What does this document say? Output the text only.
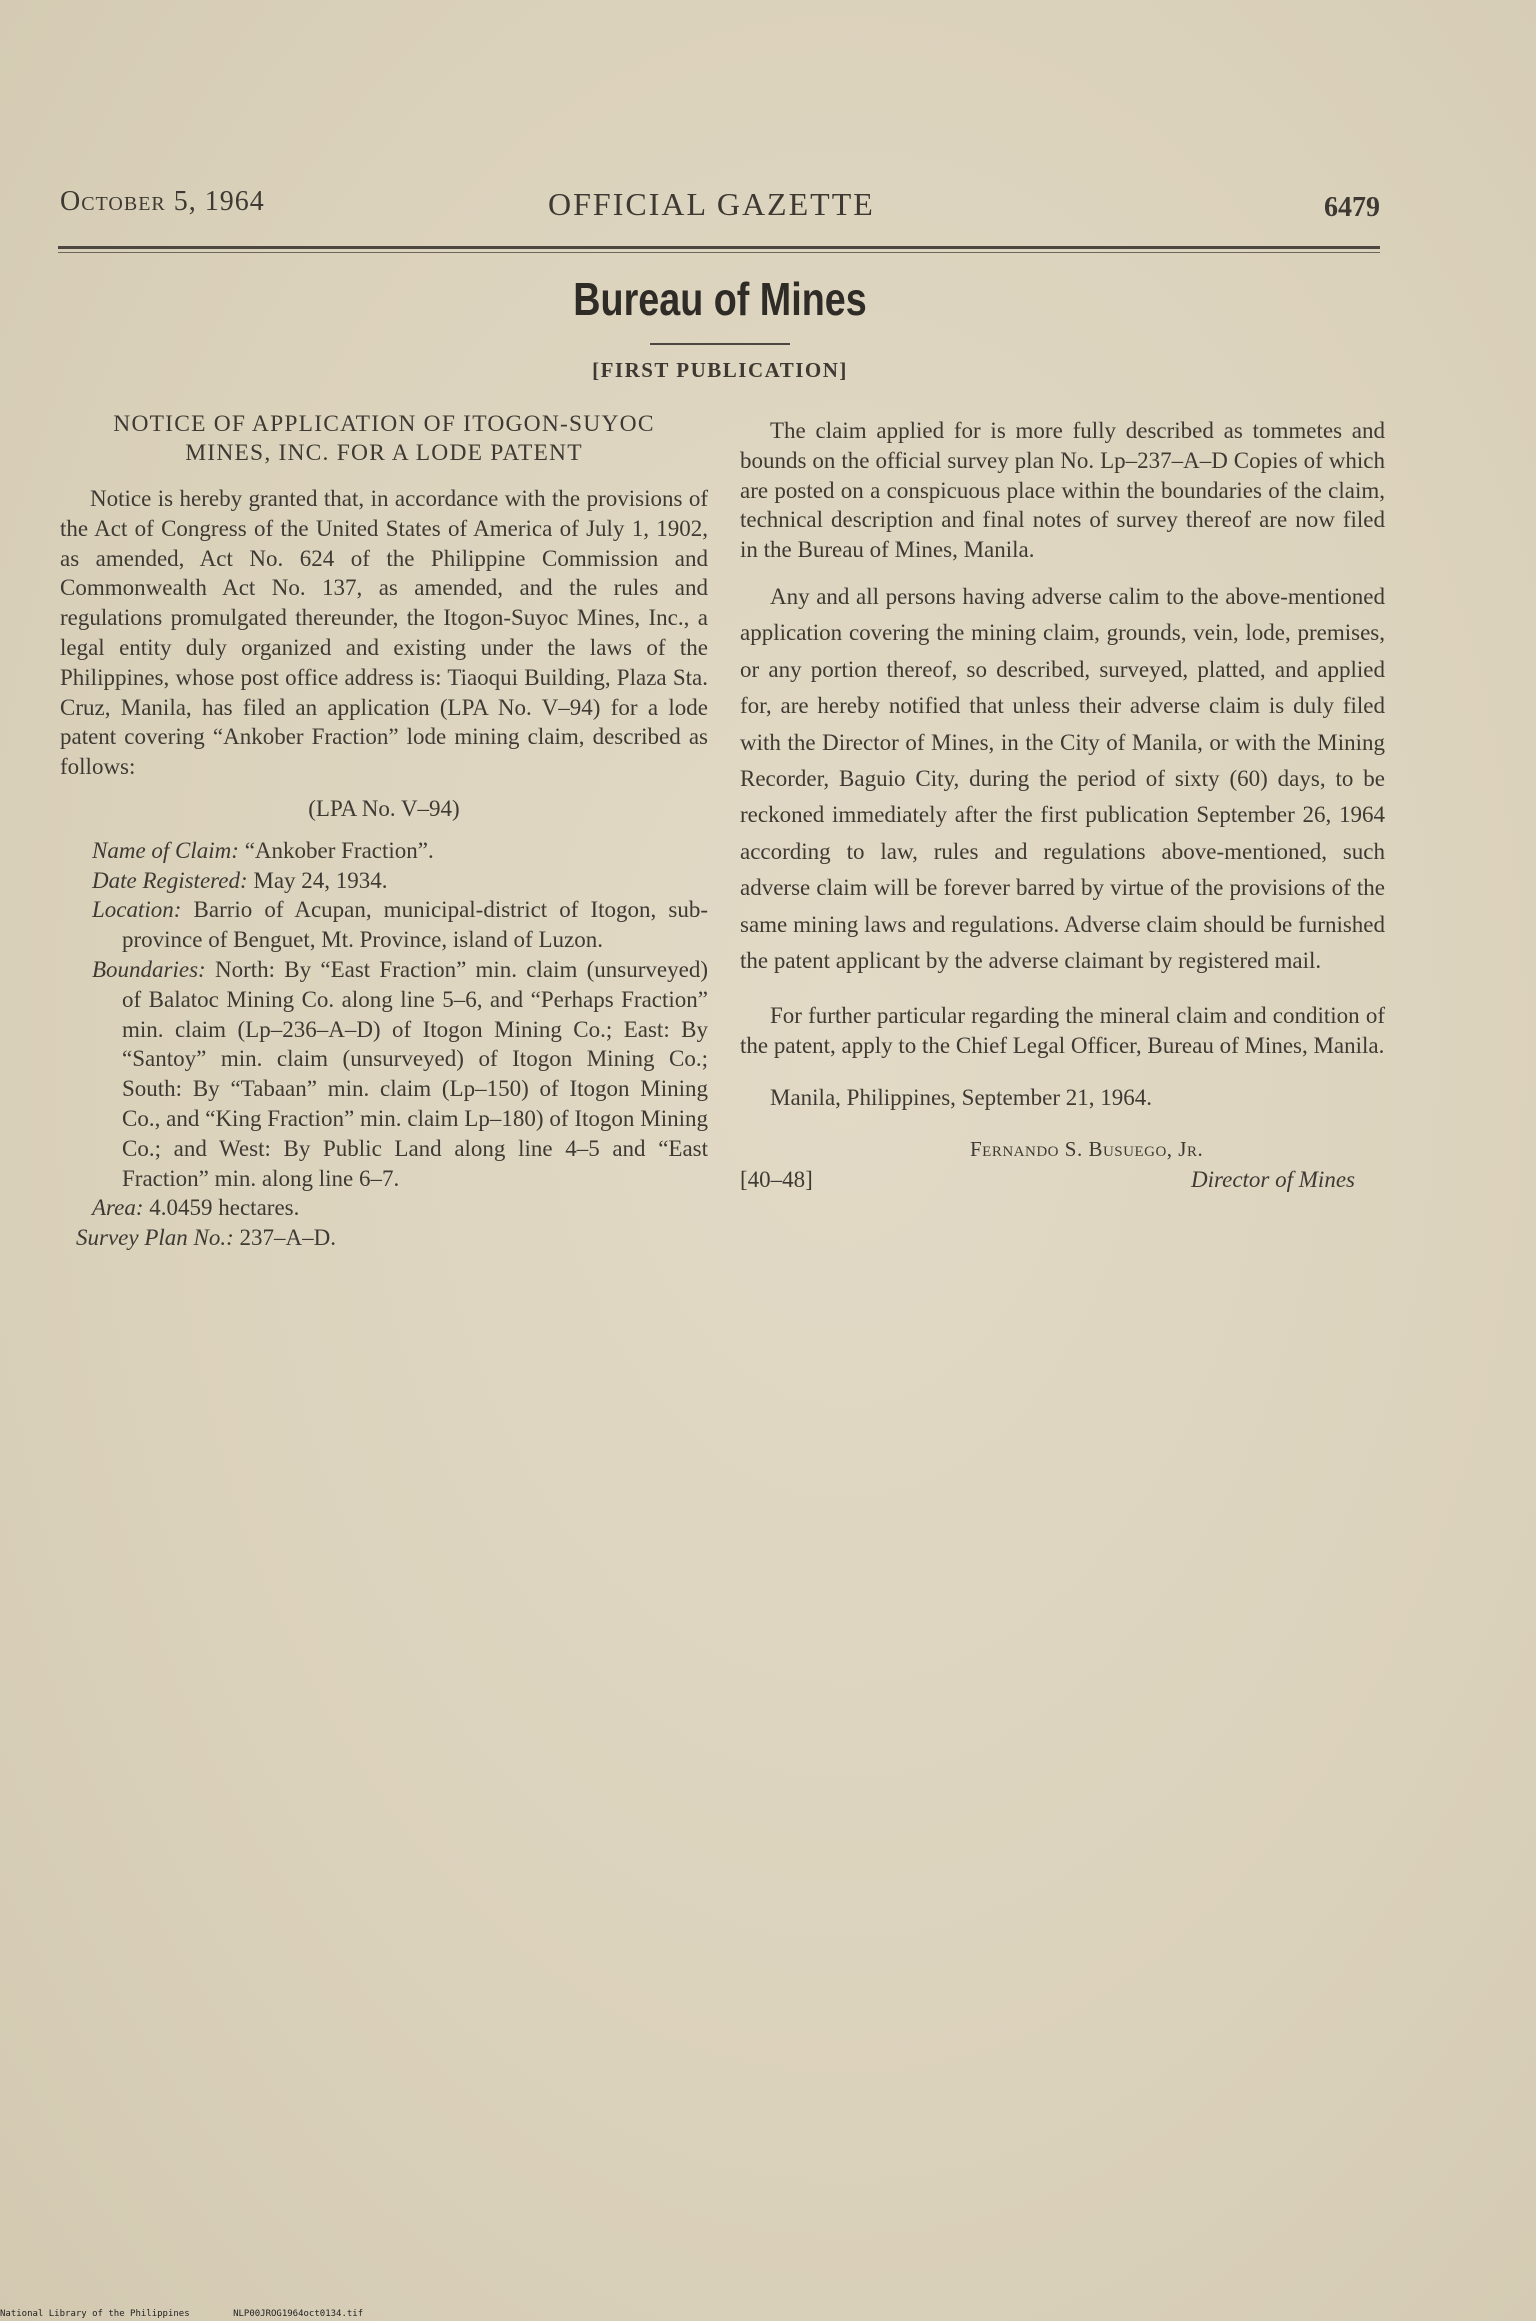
October 5, 1964	OFFICIAL GAZETTE	6479
Bureau of Mines
[FIRST PUBLICATION]
NOTICE OF APPLICATION OF ITOGON-SUYOC
MINES, INC. FOR A LODE PATENT

Notice is hereby granted that, in accordance with the provisions of the Act of Congress of the United States of America of July 1, 1902, as amended, Act No. 624 of the Philippine Commission and Commonwealth Act No. 137, as amended, and the rules and regulations promulgated thereunder, the Itogon-Suyoc Mines, Inc., a legal entity duly organized and existing under the laws of the Philippines, whose post office address is: Tiaoqui Building, Plaza Sta. Cruz, Manila, has filed an application (LPA No. V–94) for a lode patent covering “Ankober Fraction” lode mining claim, described as follows:

(LPA No. V–94)

Name of Claim: “Ankober Fraction”.

Date Registered: May 24, 1934.

Location: Barrio of Acupan, municipal-district of Itogon, sub-province of Benguet, Mt. Province, island of Luzon.

Boundaries: North: By “East Fraction” min. claim (unsurveyed) of Balatoc Mining Co. along line 5–6, and “Perhaps Fraction” min. claim (Lp–236–A–D) of Itogon Mining Co.; East: By “Santoy” min. claim (unsurveyed) of Itogon Mining Co.; South: By “Tabaan” min. claim (Lp–150) of Itogon Mining Co., and “King Fraction” min. claim Lp–180) of Itogon Mining Co.; and West: By Public Land along line 4–5 and “East Fraction” min. along line 6–7.

Area: 4.0459 hectares.

Survey Plan No.: 237–A–D.

The claim applied for is more fully described as tommetes and bounds on the official survey plan No. Lp–237–A–D Copies of which are posted on a conspicuous place within the boundaries of the claim, technical description and final notes of survey thereof are now filed in the Bureau of Mines, Manila.

Any and all persons having adverse calim to the above-mentioned application covering the mining claim, grounds, vein, lode, premises, or any portion thereof, so described, surveyed, platted, and applied for, are hereby notified that unless their adverse claim is duly filed with the Director of Mines, in the City of Manila, or with the Mining Recorder, Baguio City, during the period of sixty (60) days, to be reckoned immediately after the first publication September 26, 1964 according to law, rules and regulations above-mentioned, such adverse claim will be forever barred by virtue of the provisions of the same mining laws and regulations. Adverse claim should be furnished the patent applicant by the adverse claimant by registered mail.

For further particular regarding the mineral claim and condition of the patent, apply to the Chief Legal Officer, Bureau of Mines, Manila.

Manila, Philippines, September 21, 1964.
Fernando S. Busuego, Jr.
[40–48]	Director of Mines
National Library of the Philippines	NLP00JROG1964oct0134.tif
